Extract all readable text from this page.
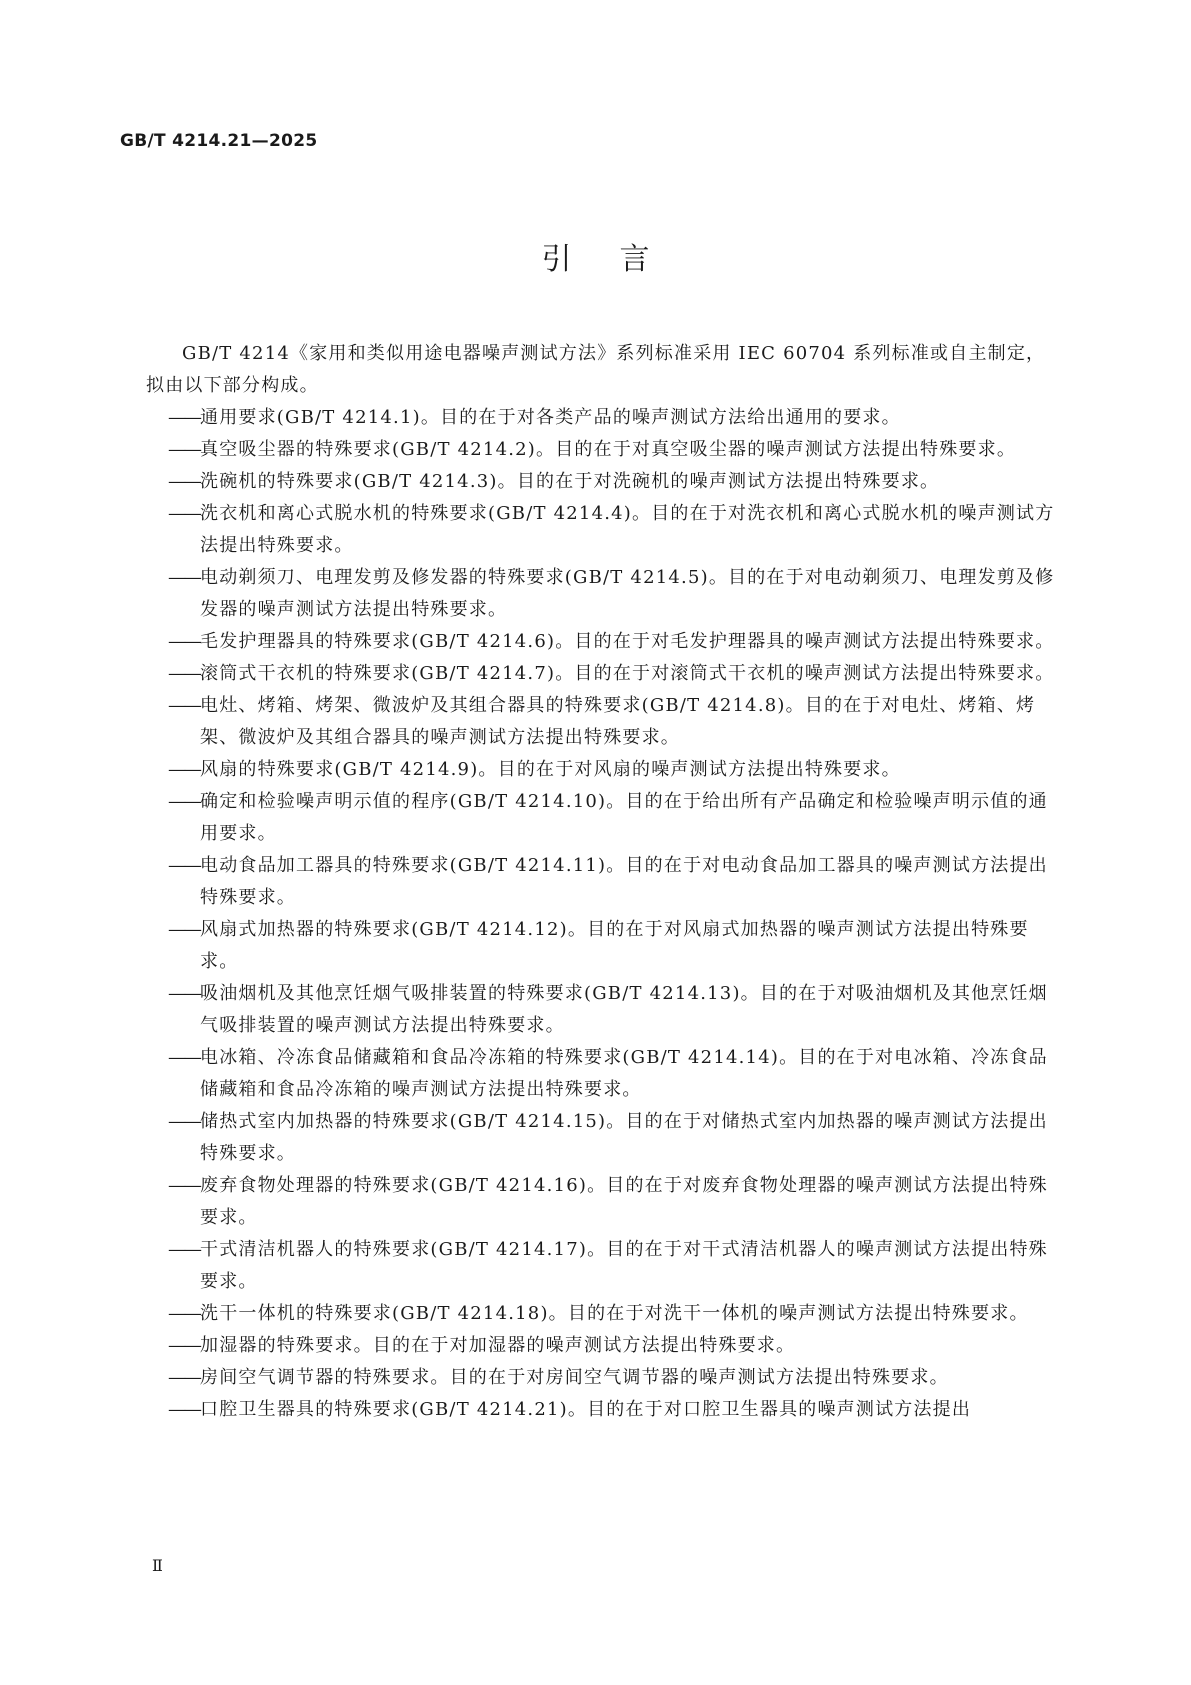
GB/T 4214.21—2025
引言
GB/T 4214《家用和类似用途电器噪声测试方法》系列标准采用 IEC 60704 系列标准或自主制定，拟由以下部分构成。
—— 通用要求(GB/T 4214.1)。目的在于对各类产品的噪声测试方法给出通用的要求。
—— 真空吸尘器的特殊要求(GB/T 4214.2)。目的在于对真空吸尘器的噪声测试方法提出特殊要求。
—— 洗碗机的特殊要求(GB/T 4214.3)。目的在于对洗碗机的噪声测试方法提出特殊要求。
—— 洗衣机和离心式脱水机的特殊要求(GB/T 4214.4)。目的在于对洗衣机和离心式脱水机的噪声测试方法提出特殊要求。
—— 电动剃须刀、电理发剪及修发器的特殊要求(GB/T 4214.5)。目的在于对电动剃须刀、电理发剪及修发器的噪声测试方法提出特殊要求。
—— 毛发护理器具的特殊要求(GB/T 4214.6)。目的在于对毛发护理器具的噪声测试方法提出特殊要求。
—— 滚筒式干衣机的特殊要求(GB/T 4214.7)。目的在于对滚筒式干衣机的噪声测试方法提出特殊要求。
—— 电灶、烤箱、烤架、微波炉及其组合器具的特殊要求(GB/T 4214.8)。目的在于对电灶、烤箱、烤架、微波炉及其组合器具的噪声测试方法提出特殊要求。
—— 风扇的特殊要求(GB/T 4214.9)。目的在于对风扇的噪声测试方法提出特殊要求。
—— 确定和检验噪声明示值的程序(GB/T 4214.10)。目的在于给出所有产品确定和检验噪声明示值的通用要求。
—— 电动食品加工器具的特殊要求(GB/T 4214.11)。目的在于对电动食品加工器具的噪声测试方法提出特殊要求。
—— 风扇式加热器的特殊要求(GB/T 4214.12)。目的在于对风扇式加热器的噪声测试方法提出特殊要求。
—— 吸油烟机及其他烹饪烟气吸排装置的特殊要求(GB/T 4214.13)。目的在于对吸油烟机及其他烹饪烟气吸排装置的噪声测试方法提出特殊要求。
—— 电冰箱、冷冻食品储藏箱和食品冷冻箱的特殊要求(GB/T 4214.14)。目的在于对电冰箱、冷冻食品储藏箱和食品冷冻箱的噪声测试方法提出特殊要求。
—— 储热式室内加热器的特殊要求(GB/T 4214.15)。目的在于对储热式室内加热器的噪声测试方法提出特殊要求。
—— 废弃食物处理器的特殊要求(GB/T 4214.16)。目的在于对废弃食物处理器的噪声测试方法提出特殊要求。
—— 干式清洁机器人的特殊要求(GB/T 4214.17)。目的在于对干式清洁机器人的噪声测试方法提出特殊要求。
—— 洗干一体机的特殊要求(GB/T 4214.18)。目的在于对洗干一体机的噪声测试方法提出特殊要求。
—— 加湿器的特殊要求。目的在于对加湿器的噪声测试方法提出特殊要求。
—— 房间空气调节器的特殊要求。目的在于对房间空气调节器的噪声测试方法提出特殊要求。
—— 口腔卫生器具的特殊要求(GB/T 4214.21)。目的在于对口腔卫生器具的噪声测试方法提出
Ⅱ
